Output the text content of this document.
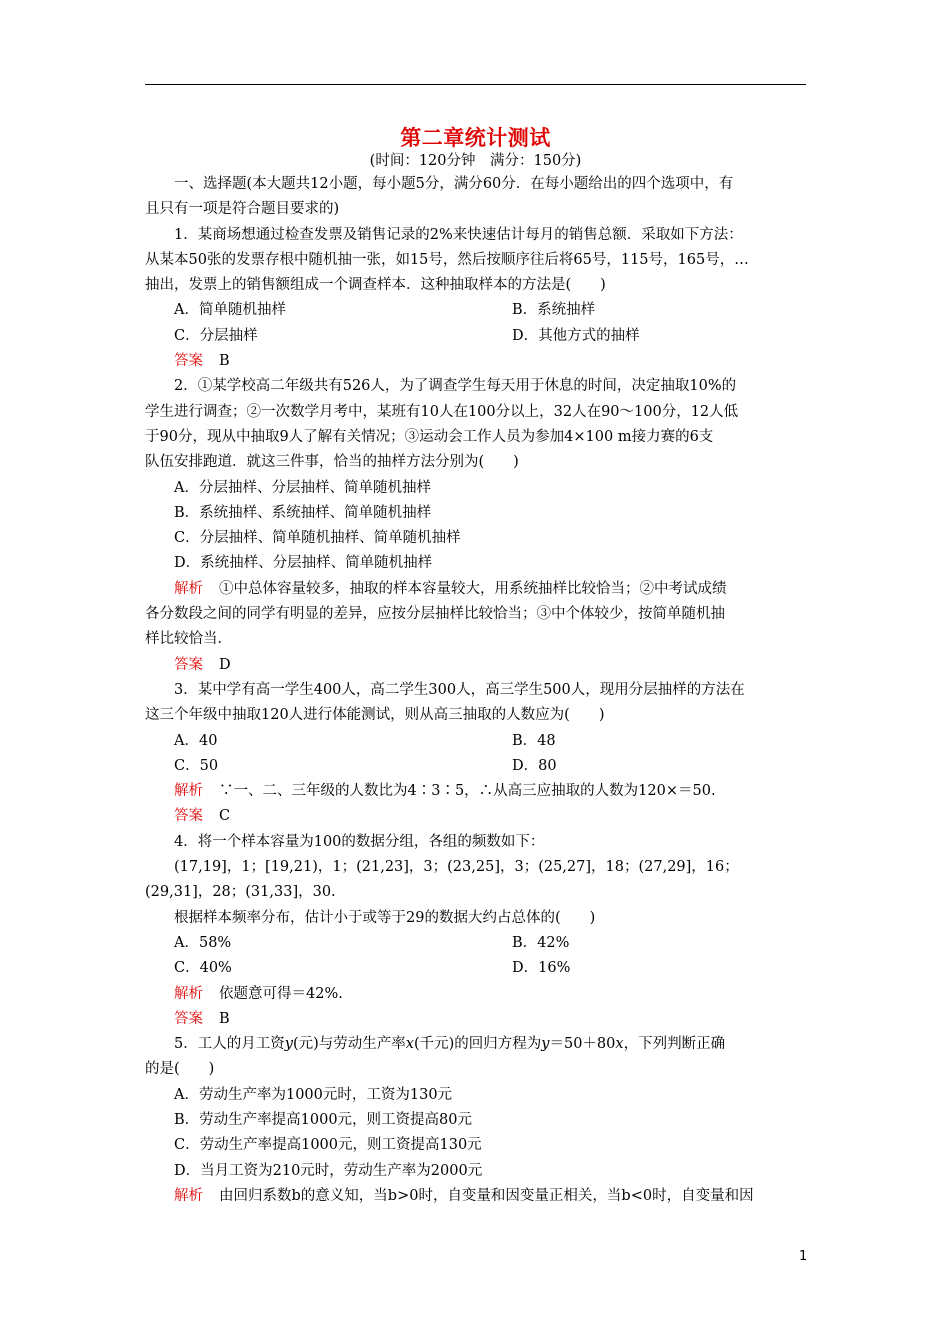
第二章统计测试
(时间：120分钟　满分：150分)
一、选择题(本大题共12小题，每小题5分，满分60分．在每小题给出的四个选项中，有
且只有一项是符合题目要求的)
1．某商场想通过检查发票及销售记录的2%来快速估计每月的销售总额．采取如下方法：
从某本50张的发票存根中随机抽一张，如15号，然后按顺序往后将65号，115号，165号，…
抽出，发票上的销售额组成一个调查样本．这种抽取样本的方法是(　　)
A．简单随机抽样	B．系统抽样
C．分层抽样	D．其他方式的抽样
答案 B
2．①某学校高二年级共有526人，为了调查学生每天用于休息的时间，决定抽取10%的
学生进行调查；②一次数学月考中，某班有10人在100分以上，32人在90～100分，12人低
于90分，现从中抽取9人了解有关情况；③运动会工作人员为参加4×100 m接力赛的6支
队伍安排跑道．就这三件事，恰当的抽样方法分别为(　　)
A．分层抽样、分层抽样、简单随机抽样
B．系统抽样、系统抽样、简单随机抽样
C．分层抽样、简单随机抽样、简单随机抽样
D．系统抽样、分层抽样、简单随机抽样
解析 ①中总体容量较多，抽取的样本容量较大，用系统抽样比较恰当；②中考试成绩
各分数段之间的同学有明显的差异，应按分层抽样比较恰当；③中个体较少，按简单随机抽
样比较恰当．
答案 D
3．某中学有高一学生400人，高二学生300人，高三学生500人，现用分层抽样的方法在
这三个年级中抽取120人进行体能测试，则从高三抽取的人数应为(　　)
A．40	B．48
C．50	D．80
解析 ∵一、二、三年级的人数比为4∶3∶5，∴从高三应抽取的人数为120×＝50.
答案 C
4．将一个样本容量为100的数据分组，各组的频数如下：
(17,19]，1；[19,21)，1；(21,23]，3；(23,25]，3；(25,27]，18；(27,29]，16；
(29,31]，28；(31,33]，30.
根据样本频率分布，估计小于或等于29的数据大约占总体的(　　)
A．58%	B．42%
C．40%	D．16%
解析 依题意可得＝42%.
答案 B
5．工人的月工资y(元)与劳动生产率x(千元)的回归方程为y＝50＋80x，下列判断正确
的是(　　)
A．劳动生产率为1000元时，工资为130元
B．劳动生产率提高1000元，则工资提高80元
C．劳动生产率提高1000元，则工资提高130元
D．当月工资为210元时，劳动生产率为2000元
解析 由回归系数b的意义知，当b>0时，自变量和因变量正相关，当b<0时，自变量和因
1
